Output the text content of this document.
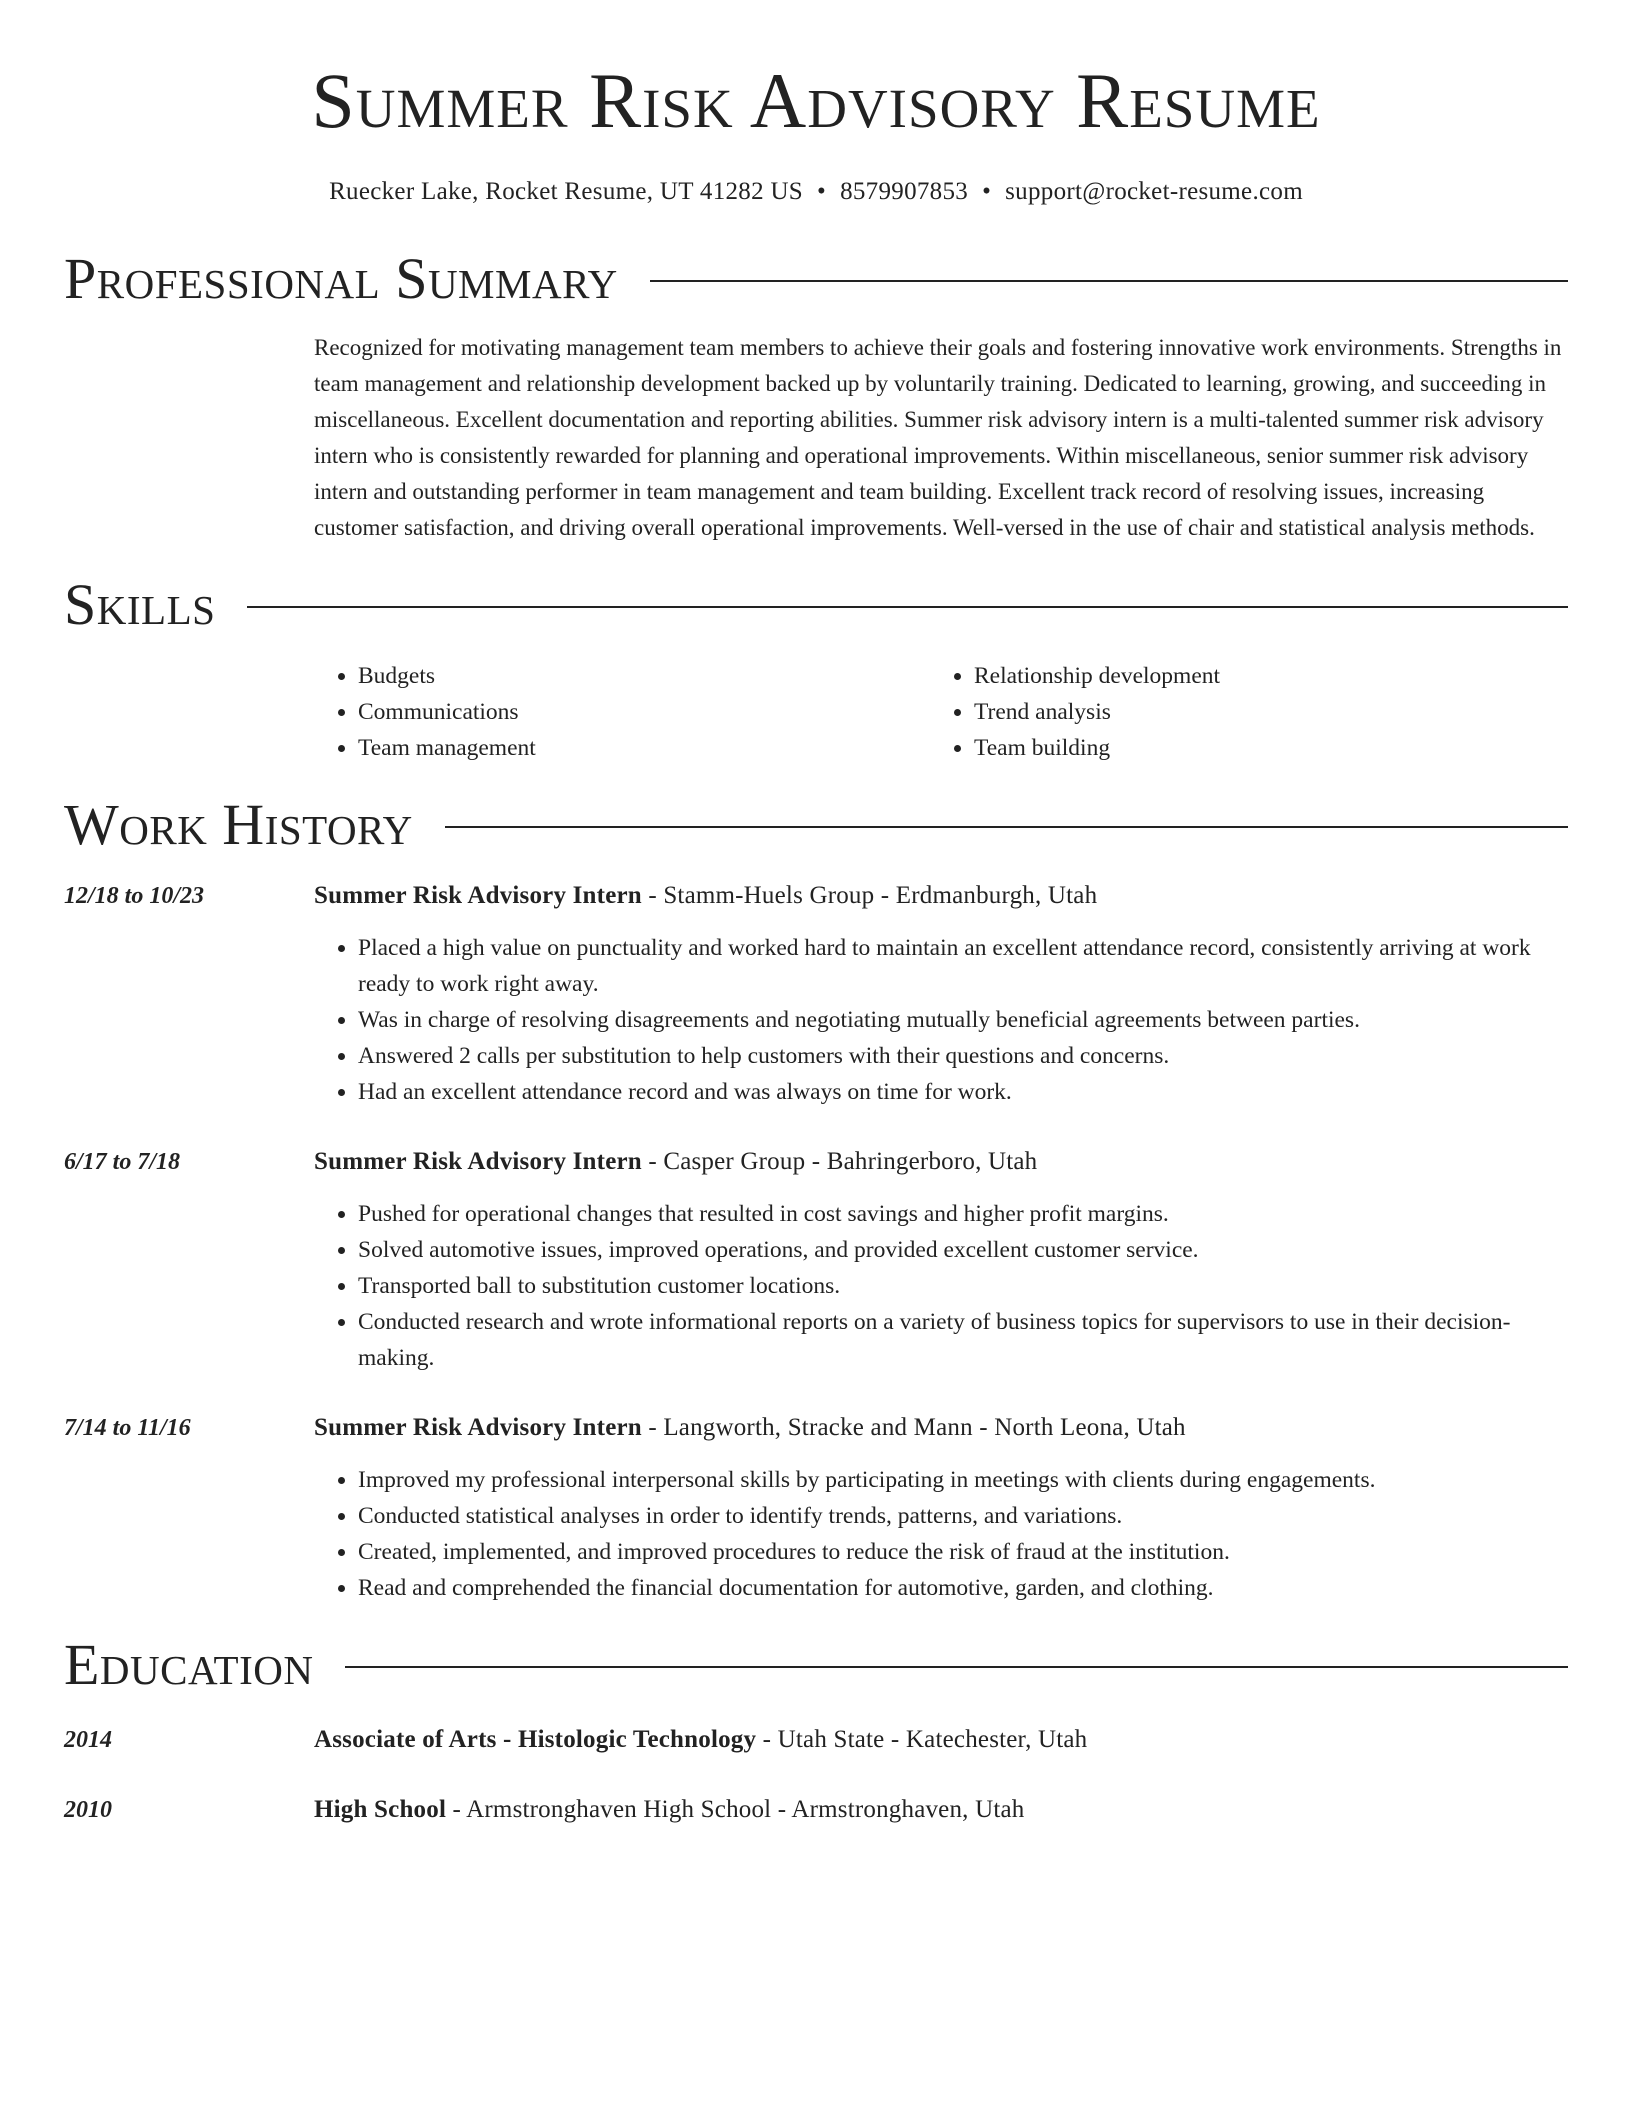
Summer Risk Advisory Resume
Ruecker Lake, Rocket Resume, UT 41282 US • 8579907853 • support@rocket-resume.com
Professional Summary
Recognized for motivating management team members to achieve their goals and fostering innovative work environments. Strengths in team management and relationship development backed up by voluntarily training. Dedicated to learning, growing, and succeeding in miscellaneous. Excellent documentation and reporting abilities. Summer risk advisory intern is a multi-talented summer risk advisory intern who is consistently rewarded for planning and operational improvements. Within miscellaneous, senior summer risk advisory intern and outstanding performer in team management and team building. Excellent track record of resolving issues, increasing customer satisfaction, and driving overall operational improvements. Well-versed in the use of chair and statistical analysis methods.
Skills
• Budgets
• Communications
• Team management
• Relationship development
• Trend analysis
• Team building
Work History
12/18 to 10/23	Summer Risk Advisory Intern - Stamm-Huels Group - Erdmanburgh, Utah
• Placed a high value on punctuality and worked hard to maintain an excellent attendance record, consistently arriving at work ready to work right away.
• Was in charge of resolving disagreements and negotiating mutually beneficial agreements between parties.
• Answered 2 calls per substitution to help customers with their questions and concerns.
• Had an excellent attendance record and was always on time for work.
6/17 to 7/18	Summer Risk Advisory Intern - Casper Group - Bahringerboro, Utah
• Pushed for operational changes that resulted in cost savings and higher profit margins.
• Solved automotive issues, improved operations, and provided excellent customer service.
• Transported ball to substitution customer locations.
• Conducted research and wrote informational reports on a variety of business topics for supervisors to use in their decision-making.
7/14 to 11/16	Summer Risk Advisory Intern - Langworth, Stracke and Mann - North Leona, Utah
• Improved my professional interpersonal skills by participating in meetings with clients during engagements.
• Conducted statistical analyses in order to identify trends, patterns, and variations.
• Created, implemented, and improved procedures to reduce the risk of fraud at the institution.
• Read and comprehended the financial documentation for automotive, garden, and clothing.
Education
2014	Associate of Arts - Histologic Technology - Utah State - Katechester, Utah
2010	High School - Armstronghaven High School - Armstronghaven, Utah
